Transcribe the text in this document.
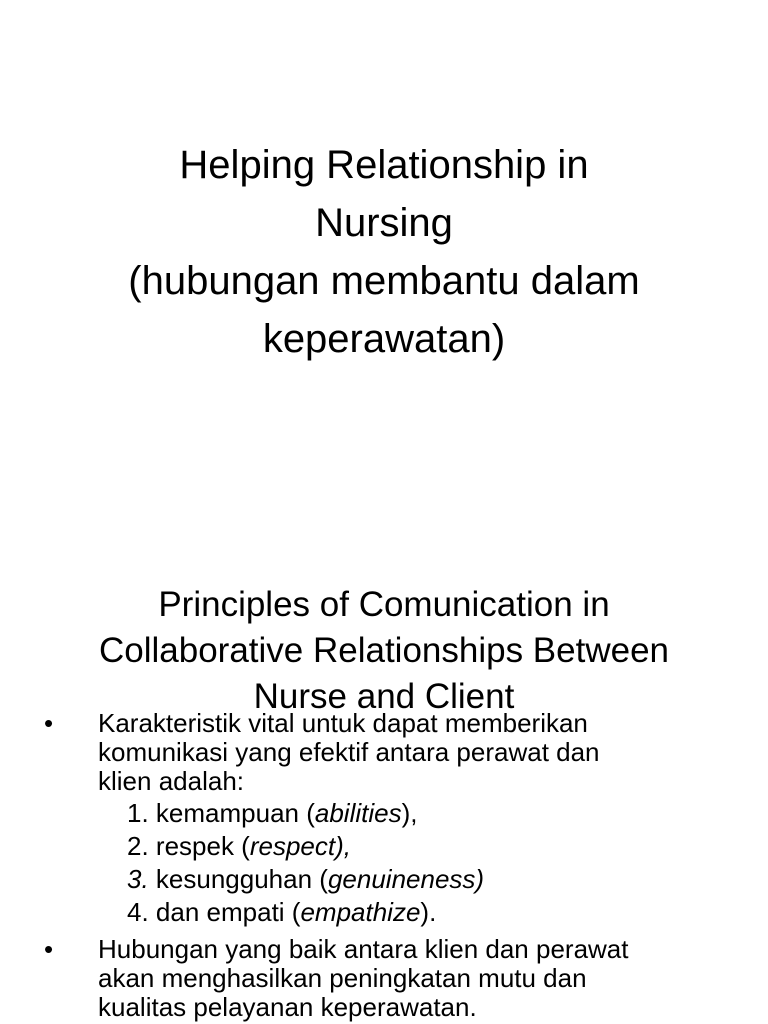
Helping Relationship in
Nursing
(hubungan membantu dalam
keperawatan)
Principles of Comunication in
Collaborative Relationships Between
Nurse and Client
• Karakteristik vital untuk dapat memberikan
komunikasi yang efektif antara perawat dan
klien adalah:
1. kemampuan (abilities),
2. respek (respect),
3. kesungguhan (genuineness)
4. dan empati (empathize).
• Hubungan yang baik antara klien dan perawat
akan menghasilkan peningkatan mutu dan
kualitas pelayanan keperawatan.
